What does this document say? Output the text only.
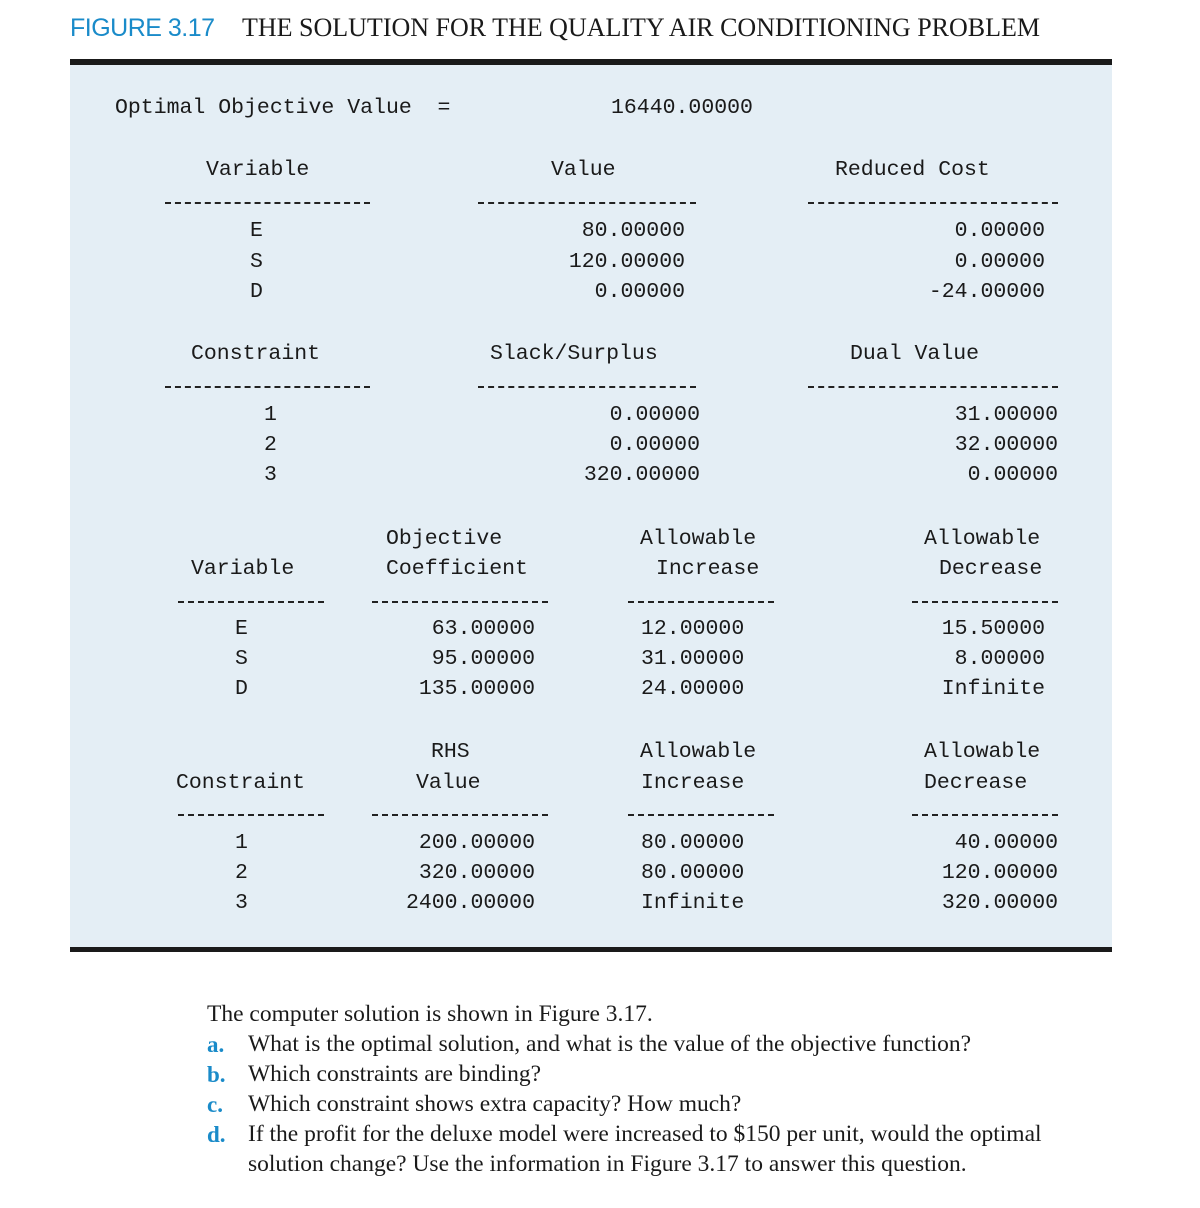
FIGURE 3.17 THE SOLUTION FOR THE QUALITY AIR CONDITIONING PROBLEM
Optimal Objective Value  =	16440.00000
Variable	Value	Reduced Cost
E	80.00000	0.00000
S	120.00000	0.00000
D	0.00000	-24.00000
Constraint	Slack/Surplus	Dual Value
1	0.00000	31.00000
2	0.00000	32.00000
3	320.00000	0.00000
Objective	Allowable	Allowable
Variable	Coefficient	Increase	Decrease
E	63.00000	12.00000	15.50000
S	95.00000	31.00000	8.00000
D	135.00000	24.00000	Infinite
RHS	Allowable	Allowable
Constraint	Value	Increase	Decrease
1	200.00000	80.00000	40.00000
2	320.00000	80.00000	120.00000
3	2400.00000	Infinite	320.00000
The computer solution is shown in Figure 3.17.
a. What is the optimal solution, and what is the value of the objective function?
b. Which constraints are binding?
c. Which constraint shows extra capacity? How much?
d. If the profit for the deluxe model were increased to $150 per unit, would the optimal
solution change? Use the information in Figure 3.17 to answer this question.
